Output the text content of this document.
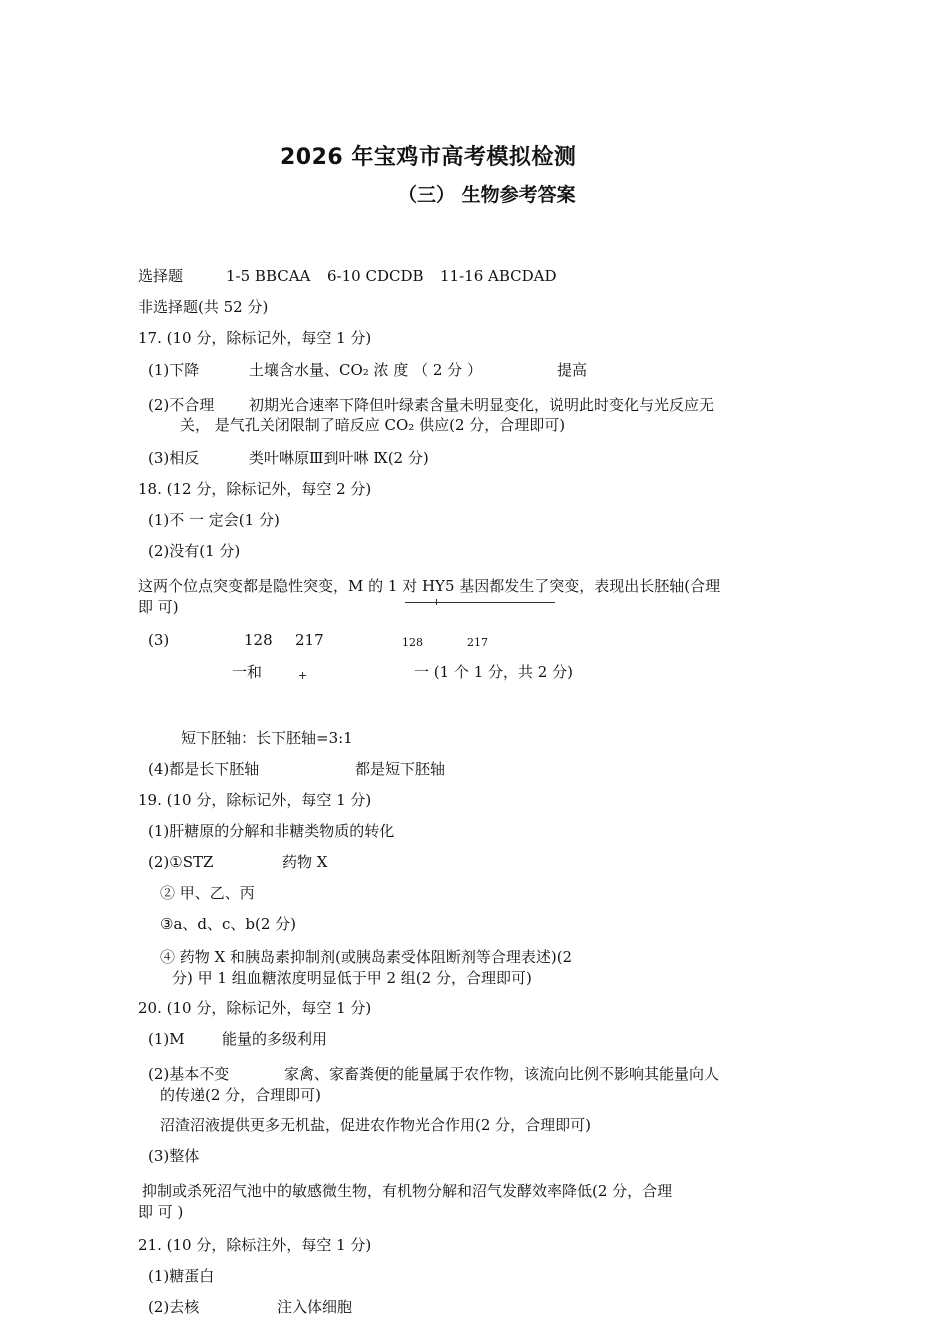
2026 年宝鸡市高考模拟检测
（三） 生物参考答案
选择题	1-5 BBCAA 6-10 CDCDB 11-16 ABCDAD
非选择题(共 52 分)
17. (10 分，除标记外，每空 1 分)
(1)下降	土壤含水量、CO₂ 浓 度 （ 2 分 ）	提高
(2)不合理 初期光合速率下降但叶绿素含量未明显变化，说明此时变化与光反应无
关， 是气孔关闭限制了暗反应 CO₂ 供应(2 分，合理即可)
(3)相反	类叶啉原Ⅲ到叶啉 Ⅸ(2 分)
18. (12 分，除标记外，每空 2 分)
(1)不 一 定会(1 分)
(2)没有(1 分)
这两个位点突变都是隐性突变，M 的 1 对 HY5 基因都发生了突变，表现出长胚轴(合理
即 可)
(3)	128 217	128	217
一和	+	一 (1 个 1 分，共 2 分)
短下胚轴：长下胚轴=3:1
(4)都是长下胚轴	都是短下胚轴
19. (10 分，除标记外，每空 1 分)
(1)肝糖原的分解和非糖类物质的转化
(2)①STZ	药物 X
② 甲、乙、丙
③a、d、c、b(2 分)
④ 药物 X 和胰岛素抑制剂(或胰岛素受体阻断剂等合理表述)(2
分) 甲 1 组血糖浓度明显低于甲 2 组(2 分，合理即可)
20. (10 分，除标记外，每空 1 分)
(1)M 能量的多级利用
(2)基本不变	家禽、家畜粪便的能量属于农作物，该流向比例不影响其能量向人
的传递(2 分，合理即可)
沼渣沼液提供更多无机盐，促进农作物光合作用(2 分，合理即可)
(3)整体
抑制或杀死沼气池中的敏感微生物，有机物分解和沼气发酵效率降低(2 分，合理
即 可 )
21. (10 分，除标注外，每空 1 分)
(1)糖蛋白
(2)去核	注入体细胞
